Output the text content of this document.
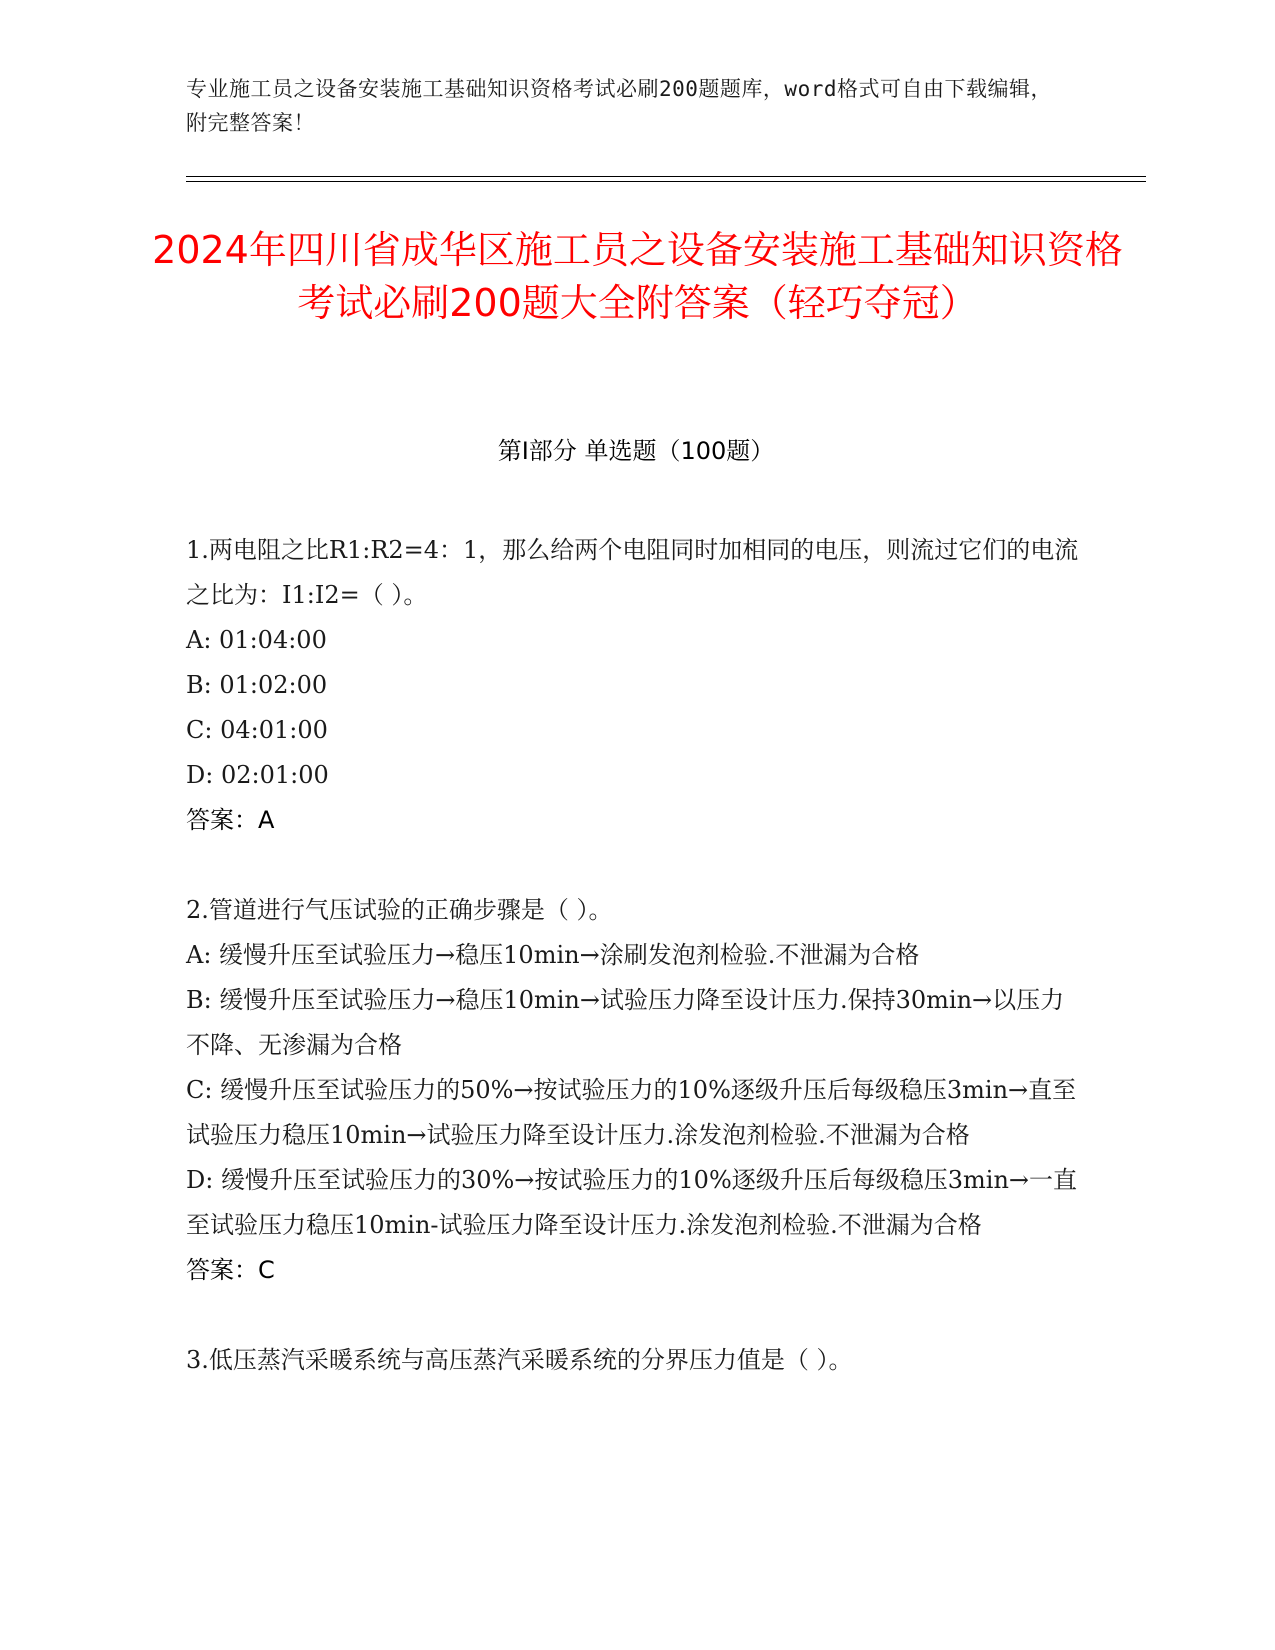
专业施工员之设备安装施工基础知识资格考试必刷200题题库，word格式可自由下载编辑，附完整答案！
2024年四川省成华区施工员之设备安装施工基础知识资格考试必刷200题大全附答案（轻巧夺冠）
第Ⅰ部分 单选题（100题）
1.两电阻之比R1:R2=4：1，那么给两个电阻同时加相同的电压，则流过它们的电流之比为：I1:I2=（ ）。
A: 01:04:00
B: 01:02:00
C: 04:01:00
D: 02:01:00
答案：A
2.管道进行气压试验的正确步骤是（ ）。
A: 缓慢升压至试验压力→稳压10min→涂刷发泡剂检验.不泄漏为合格
B: 缓慢升压至试验压力→稳压10min→试验压力降至设计压力.保持30min→以压力不降、无渗漏为合格
C: 缓慢升压至试验压力的50%→按试验压力的10%逐级升压后每级稳压3min→直至试验压力稳压10min→试验压力降至设计压力.涂发泡剂检验.不泄漏为合格
D: 缓慢升压至试验压力的30%→按试验压力的10%逐级升压后每级稳压3min→一直至试验压力稳压10min-试验压力降至设计压力.涂发泡剂检验.不泄漏为合格
答案：C
3.低压蒸汽采暖系统与高压蒸汽采暖系统的分界压力值是（ ）。
